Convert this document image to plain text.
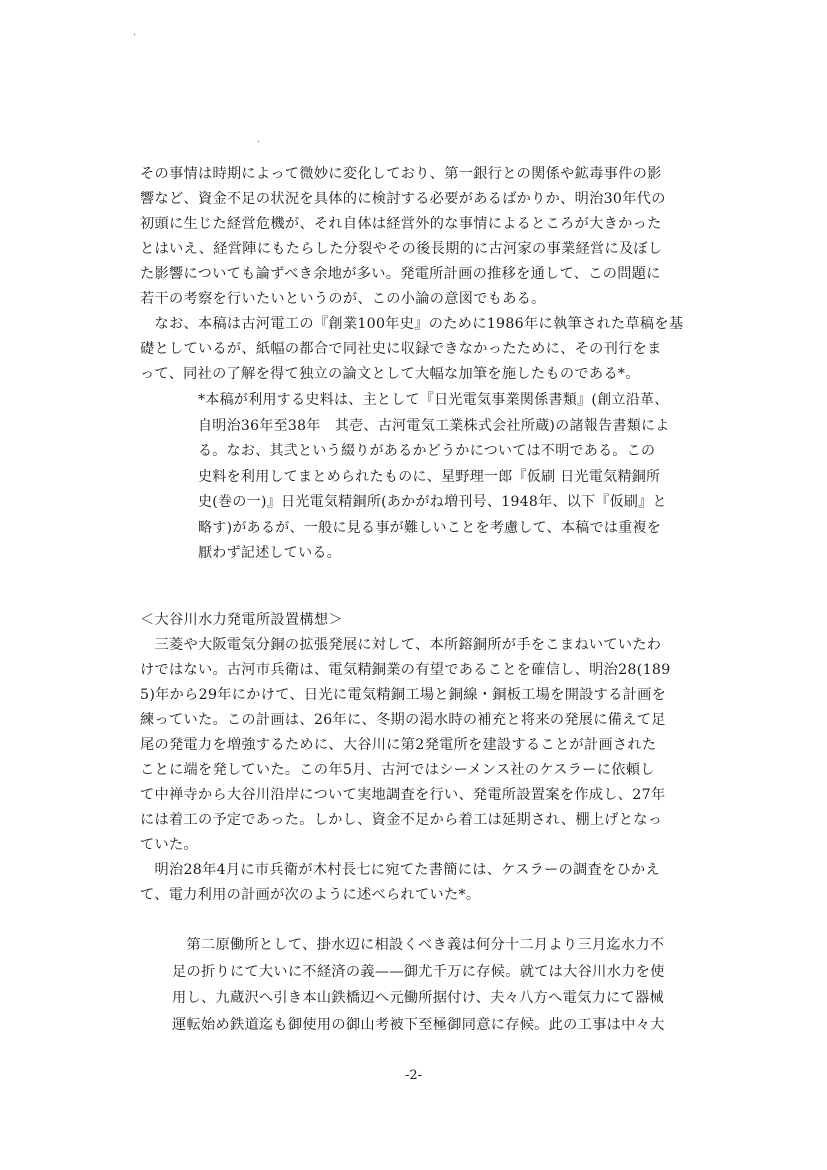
その事情は時期によって微妙に変化しており、第一銀行との関係や鉱毒事件の影
響など、資金不足の状況を具体的に検討する必要があるばかりか、明治30年代の
初頭に生じた経営危機が、それ自体は経営外的な事情によるところが大きかった
とはいえ、経営陣にもたらした分裂やその後長期的に古河家の事業経営に及ぼし
た影響についても論ずべき余地が多い。発電所計画の推移を通して、この問題に
若干の考察を行いたいというのが、この小論の意図でもある。
　なお、本稿は古河電工の『創業100年史』のために1986年に執筆された草稿を基
礎としているが、紙幅の都合で同社史に収録できなかったために、その刊行をま
って、同社の了解を得て独立の論文として大幅な加筆を施したものである*。
*本稿が利用する史料は、主として『日光電気事業関係書類』(創立沿革、
自明治36年至38年　其壱、古河電気工業株式会社所蔵)の諸報告書類によ
る。なお、其弐という綴りがあるかどうかについては不明である。この
史料を利用してまとめられたものに、星野理一郎『仮刷 日光電気精銅所
史(巻の一)』日光電気精銅所(あかがね増刊号、1948年、以下『仮刷』と
略す)があるが、一般に見る事が難しいことを考慮して、本稿では重複を
厭わず記述している。
＜大谷川水力発電所設置構想＞
　三菱や大阪電気分銅の拡張発展に対して、本所鎔銅所が手をこまねいていたわ
けではない。古河市兵衛は、電気精銅業の有望であることを確信し、明治28(189
5)年から29年にかけて、日光に電気精銅工場と銅線・銅板工場を開設する計画を
練っていた。この計画は、26年に、冬期の渇水時の補充と将来の発展に備えて足
尾の発電力を増強するために、大谷川に第2発電所を建設することが計画された
ことに端を発していた。この年5月、古河ではシーメンス社のケスラーに依頼し
て中禅寺から大谷川沿岸について実地調査を行い、発電所設置案を作成し、27年
には着工の予定であった。しかし、資金不足から着工は延期され、棚上げとなっ
ていた。
　明治28年4月に市兵衛が木村長七に宛てた書簡には、ケスラーの調査をひかえ
て、電力利用の計画が次のように述べられていた*。
　第二原働所として、掛水辺に相設くべき義は何分十二月より三月迄水力不
足の折りにて大いに不経済の義——御尤千万に存候。就ては大谷川水力を使
用し、九蔵沢へ引き本山鉄橋辺へ元働所据付け、夫々八方へ電気力にて器械
運転始め鉄道迄も御使用の御山考被下至極御同意に存候。此の工事は中々大
-2-
